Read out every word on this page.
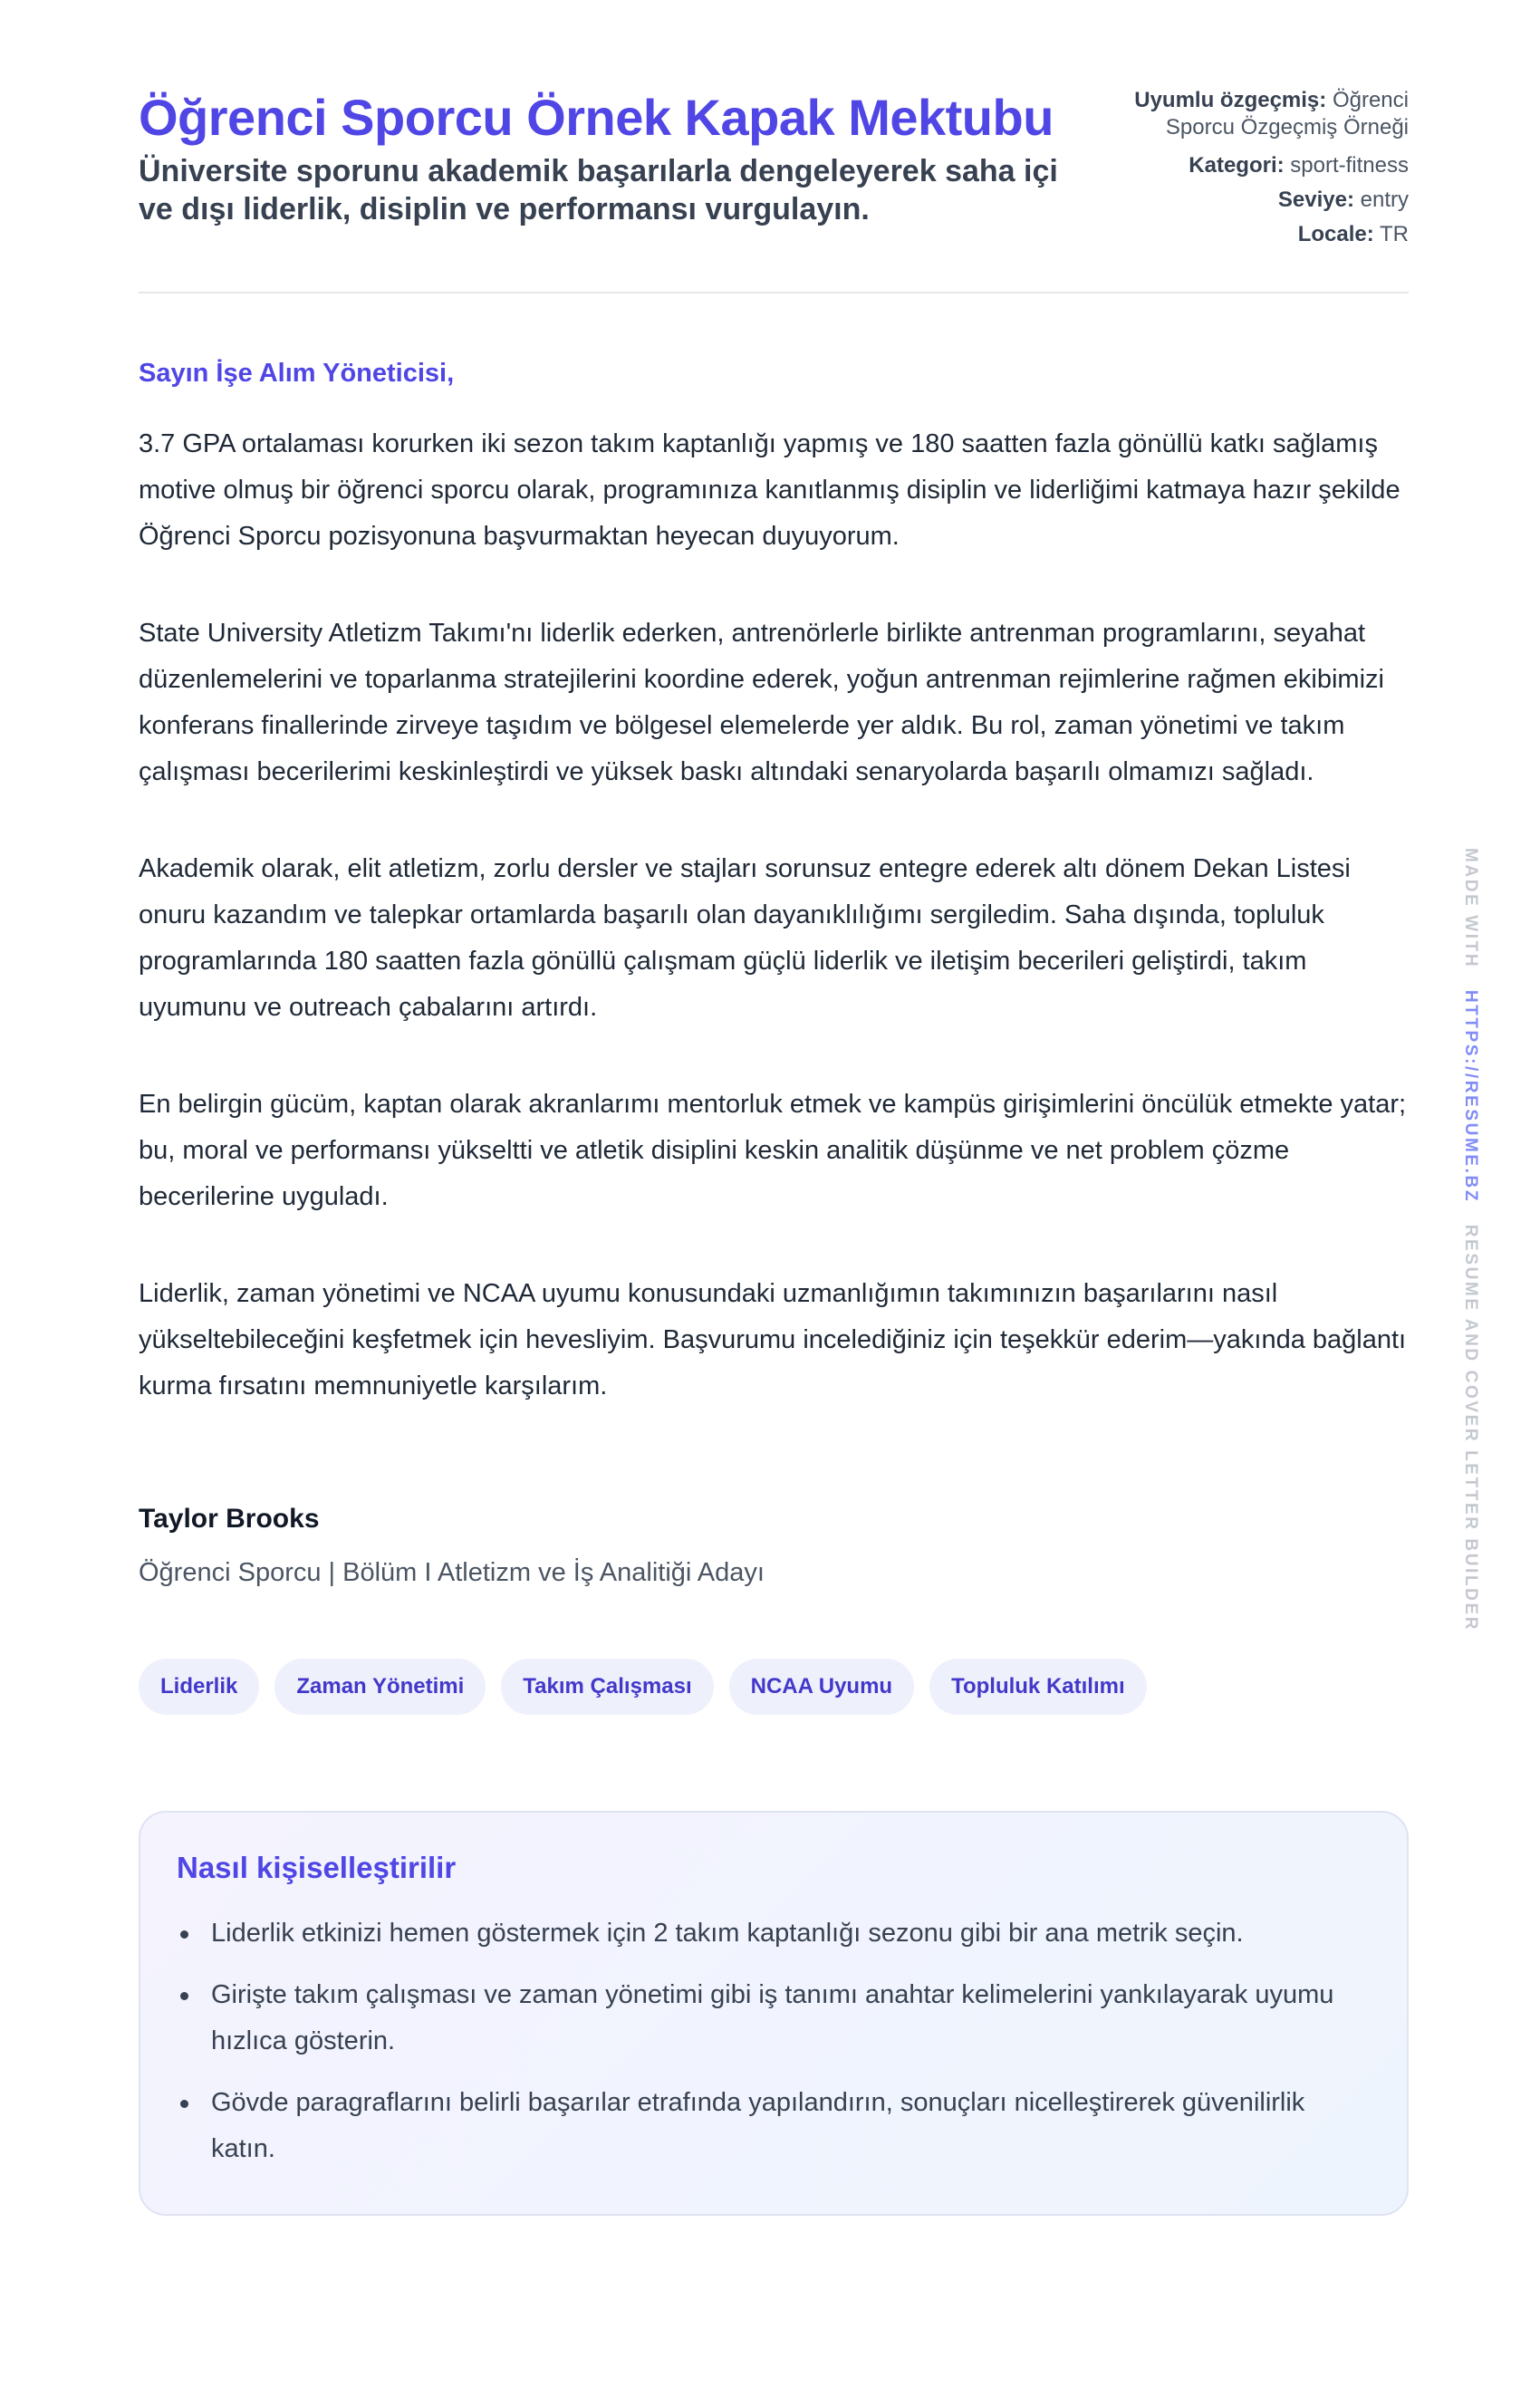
Öğrenci Sporcu Örnek Kapak Mektubu
Üniversite sporunu akademik başarılarla dengeleyerek saha içi ve dışı liderlik, disiplin ve performansı vurgulayın.
Uyumlu özgeçmiş: Öğrenci Sporcu Özgeçmiş Örneği
Kategori: sport-fitness
Seviye: entry
Locale: TR
Sayın İşe Alım Yöneticisi,

3.7 GPA ortalaması korurken iki sezon takım kaptanlığı yapmış ve 180 saatten fazla gönüllü katkı sağlamış motive olmuş bir öğrenci sporcu olarak, programınıza kanıtlanmış disiplin ve liderliğimi katmaya hazır şekilde Öğrenci Sporcu pozisyonuna başvurmaktan heyecan duyuyorum.

State University Atletizm Takımı'nı liderlik ederken, antrenörlerle birlikte antrenman programlarını, seyahat düzenlemelerini ve toparlanma stratejilerini koordine ederek, yoğun antrenman rejimlerine rağmen ekibimizi konferans finallerinde zirveye taşıdım ve bölgesel elemelerde yer aldık. Bu rol, zaman yönetimi ve takım çalışması becerilerimi keskinleştirdi ve yüksek baskı altındaki senaryolarda başarılı olmamızı sağladı.

Akademik olarak, elit atletizm, zorlu dersler ve stajları sorunsuz entegre ederek altı dönem Dekan Listesi onuru kazandım ve talepkar ortamlarda başarılı olan dayanıklılığımı sergiledim. Saha dışında, topluluk programlarında 180 saatten fazla gönüllü çalışmam güçlü liderlik ve iletişim becerileri geliştirdi, takım uyumunu ve outreach çabalarını artırdı.

En belirgin gücüm, kaptan olarak akranlarımı mentorluk etmek ve kampüs girişimlerini öncülük etmekte yatar; bu, moral ve performansı yükseltti ve atletik disiplini keskin analitik düşünme ve net problem çözme becerilerine uyguladı.

Liderlik, zaman yönetimi ve NCAA uyumu konusundaki uzmanlığımın takımınızın başarılarını nasıl yükseltebileceğini keşfetmek için hevesliyim. Başvurumu incelediğiniz için teşekkür ederim—yakında bağlantı kurma fırsatını memnuniyetle karşılarım.

Taylor Brooks
Öğrenci Sporcu | Bölüm I Atletizm ve İş Analitiği Adayı
Liderlik	Zaman Yönetimi	Takım Çalışması	NCAA Uyumu	Topluluk Katılımı
Nasıl kişiselleştirilir
Liderlik etkinizi hemen göstermek için 2 takım kaptanlığı sezonu gibi bir ana metrik seçin.
Girişte takım çalışması ve zaman yönetimi gibi iş tanımı anahtar kelimelerini yankılayarak uyumu hızlıca gösterin.
Gövde paragraflarını belirli başarılar etrafında yapılandırın, sonuçları nicelleştirerek güvenilirlik katın.
MADE WITH   HTTPS://RESUME.BZ   RESUME AND COVER LETTER BUILDER
